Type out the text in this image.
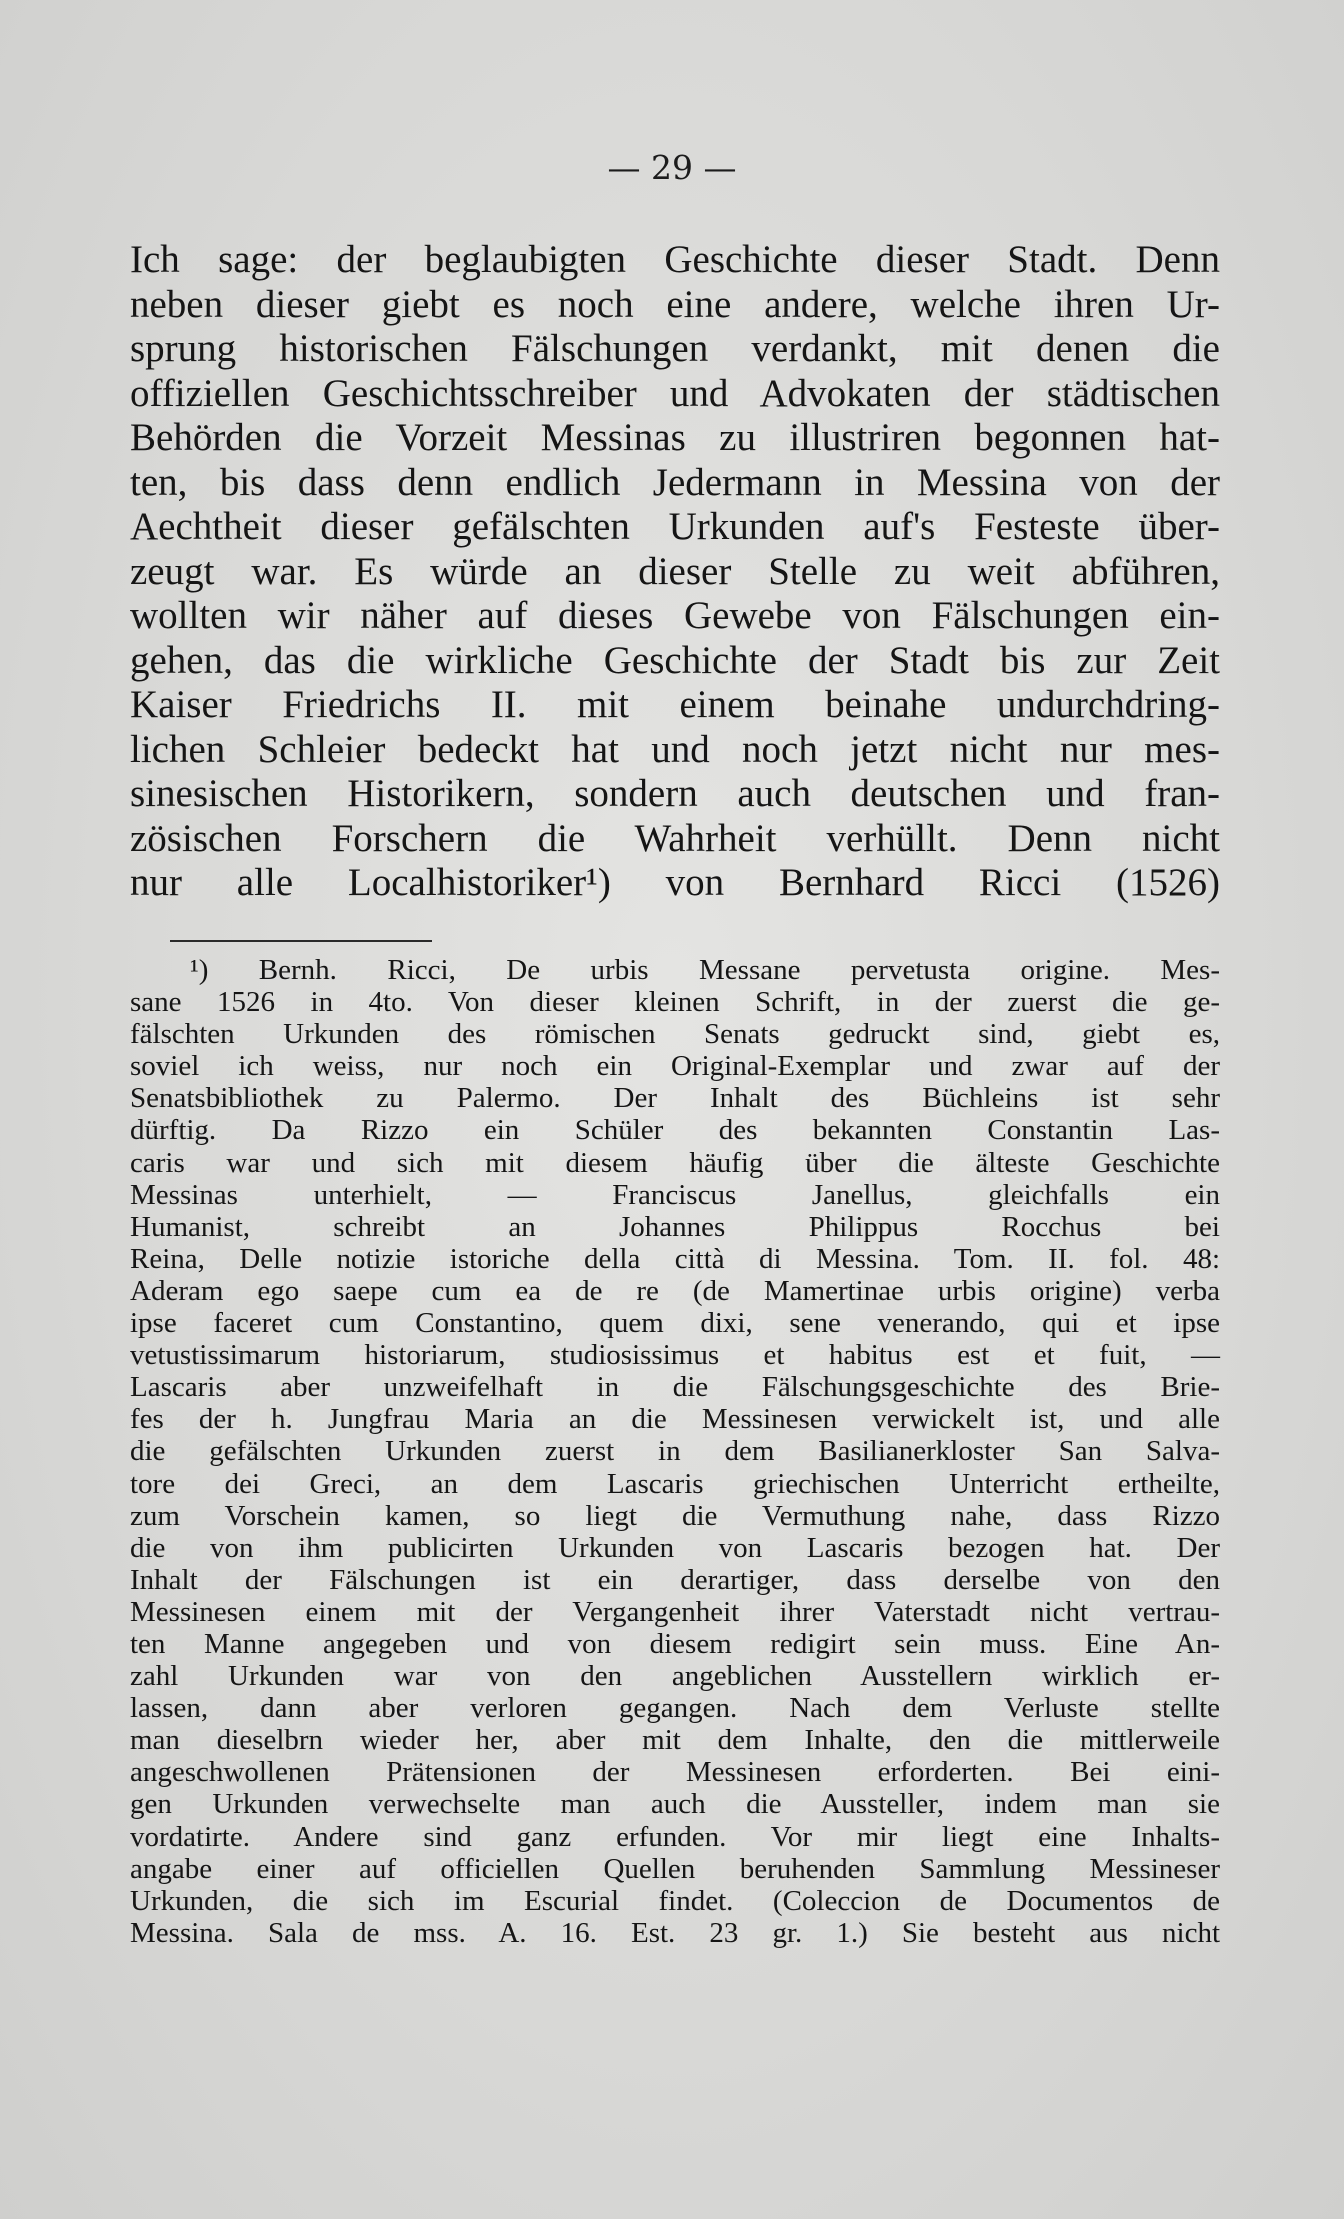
— 29 —

Ich sage: der beglaubigten Geschichte dieser Stadt. Denn
neben dieser giebt es noch eine andere, welche ihren Ur-
sprung historischen Fälschungen verdankt, mit denen die
offiziellen Geschichtsschreiber und Advokaten der städtischen
Behörden die Vorzeit Messinas zu illustriren begonnen hat-
ten, bis dass denn endlich Jedermann in Messina von der
Aechtheit dieser gefälschten Urkunden auf's Festeste über-
zeugt war. Es würde an dieser Stelle zu weit abführen,
wollten wir näher auf dieses Gewebe von Fälschungen ein-
gehen, das die wirkliche Geschichte der Stadt bis zur Zeit
Kaiser Friedrichs II. mit einem beinahe undurchdring-
lichen Schleier bedeckt hat und noch jetzt nicht nur mes-
sinesischen Historikern, sondern auch deutschen und fran-
zösischen Forschern die Wahrheit verhüllt. Denn nicht
nur alle Localhistoriker¹) von Bernhard Ricci (1526)
¹) Bernh. Ricci, De urbis Messane pervetusta origine. Mes-
sane 1526 in 4to. Von dieser kleinen Schrift, in der zuerst die ge-
fälschten Urkunden des römischen Senats gedruckt sind, giebt es,
soviel ich weiss, nur noch ein Original-Exemplar und zwar auf der
Senatsbibliothek zu Palermo. Der Inhalt des Büchleins ist sehr
dürftig. Da Rizzo ein Schüler des bekannten Constantin Las-
caris war und sich mit diesem häufig über die älteste Geschichte
Messinas unterhielt, — Franciscus Janellus, gleichfalls ein
Humanist, schreibt an Johannes Philippus Rocchus bei
Reina, Delle notizie istoriche della città di Messina. Tom. II. fol. 48:
Aderam ego saepe cum ea de re (de Mamertinae urbis origine) verba
ipse faceret cum Constantino, quem dixi, sene venerando, qui et ipse
vetustissimarum historiarum, studiosissimus et habitus est et fuit, —
Lascaris aber unzweifelhaft in die Fälschungsgeschichte des Brie-
fes der h. Jungfrau Maria an die Messinesen verwickelt ist, und alle
die gefälschten Urkunden zuerst in dem Basilianerkloster San Salva-
tore dei Greci, an dem Lascaris griechischen Unterricht ertheilte,
zum Vorschein kamen, so liegt die Vermuthung nahe, dass Rizzo
die von ihm publicirten Urkunden von Lascaris bezogen hat. Der
Inhalt der Fälschungen ist ein derartiger, dass derselbe von den
Messinesen einem mit der Vergangenheit ihrer Vaterstadt nicht vertrau-
ten Manne angegeben und von diesem redigirt sein muss. Eine An-
zahl Urkunden war von den angeblichen Ausstellern wirklich er-
lassen, dann aber verloren gegangen. Nach dem Verluste stellte
man dieselbrn wieder her, aber mit dem Inhalte, den die mittlerweile
angeschwollenen Prätensionen der Messinesen erforderten. Bei eini-
gen Urkunden verwechselte man auch die Aussteller, indem man sie
vordatirte. Andere sind ganz erfunden. Vor mir liegt eine Inhalts-
angabe einer auf officiellen Quellen beruhenden Sammlung Messineser
Urkunden, die sich im Escurial findet. (Coleccion de Documentos de
Messina. Sala de mss. A. 16. Est. 23 gr. 1.) Sie besteht aus nicht
